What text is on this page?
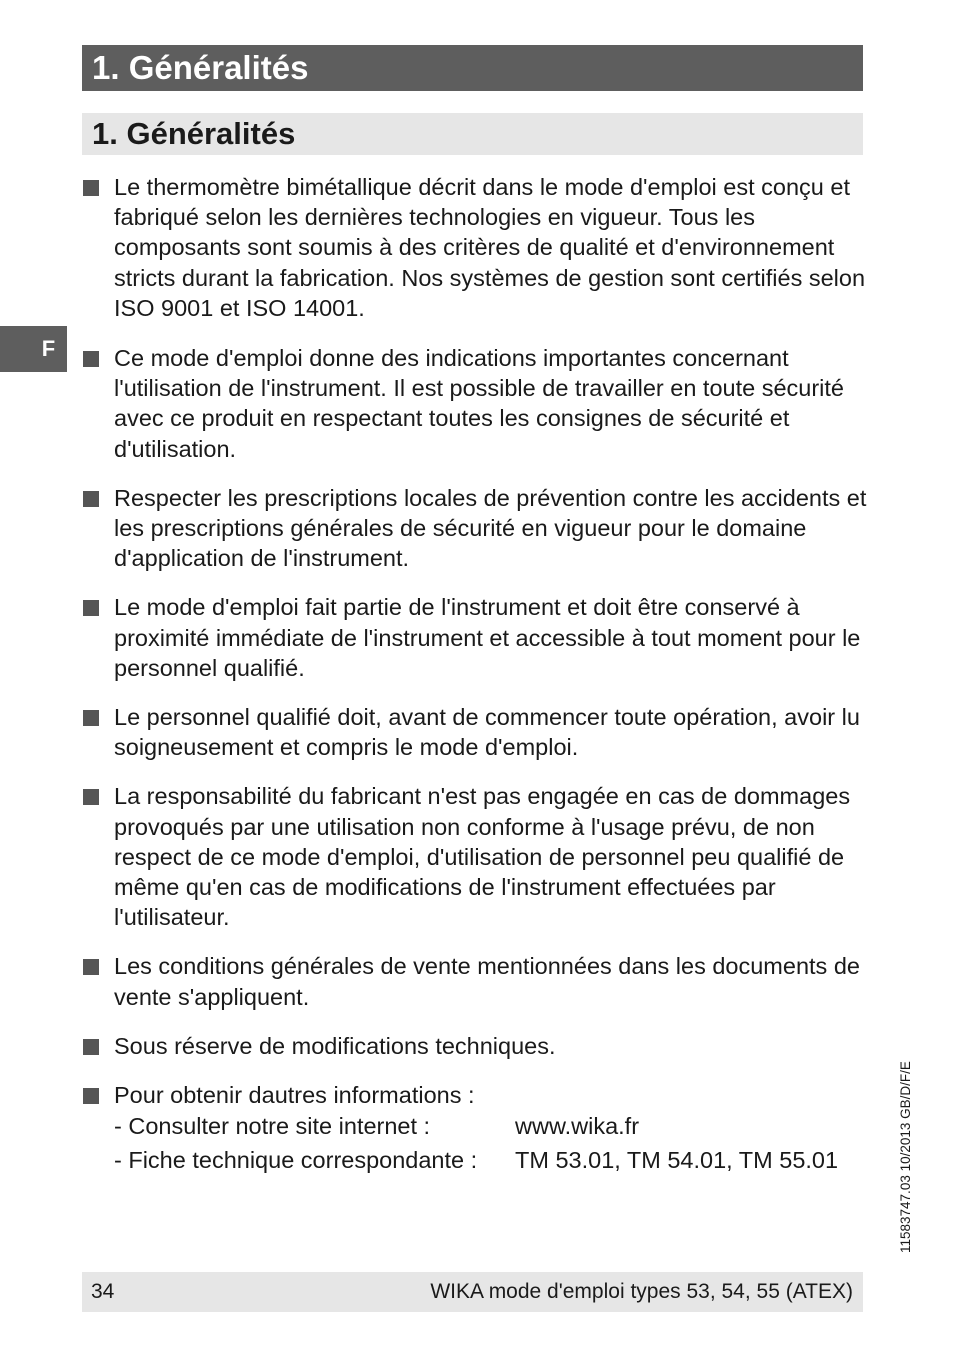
1. Généralités
1. Généralités
F
Le thermomètre bimétallique décrit dans le mode d'emploi est conçu et fabriqué selon les dernières technologies en vigueur. Tous les composants sont soumis à des critères de qualité et d'environnement stricts durant la fabrication. Nos systèmes de gestion sont certifiés selon ISO 9001 et ISO 14001.
Ce mode d'emploi donne des indications importantes concernant l'utilisation de l'instrument. Il est possible de travailler en toute sécurité avec ce produit en respectant toutes les consignes de sécurité et d'utilisation.
Respecter les prescriptions locales de prévention contre les accidents et les prescriptions générales de sécurité en vigueur pour le domaine d'application de l'instrument.
Le mode d'emploi fait partie de l'instrument et doit être conservé à proximité immédiate de l'instrument et accessible à tout moment pour le personnel qualifié.
Le personnel qualifié doit, avant de commencer toute opération, avoir lu soigneusement et compris le mode d'emploi.
La responsabilité du fabricant n'est pas engagée en cas de dommages provoqués par une utilisation non conforme à l'usage prévu, de non respect de ce mode d'emploi, d'utilisation de personnel peu qualifié de même qu'en cas de modifications de l'instrument effectuées par l'utilisateur.
Les conditions générales de vente mentionnées dans les documents de vente s'appliquent.
Sous réserve de modifications techniques.
Pour obtenir dautres informations :
- Consulter notre site internet :	www.wika.fr
- Fiche technique correspondante :	TM 53.01, TM 54.01, TM 55.01	11583747.03 10/2013 GB/D/F/E
34	WIKA mode d'emploi types 53, 54, 55 (ATEX)
